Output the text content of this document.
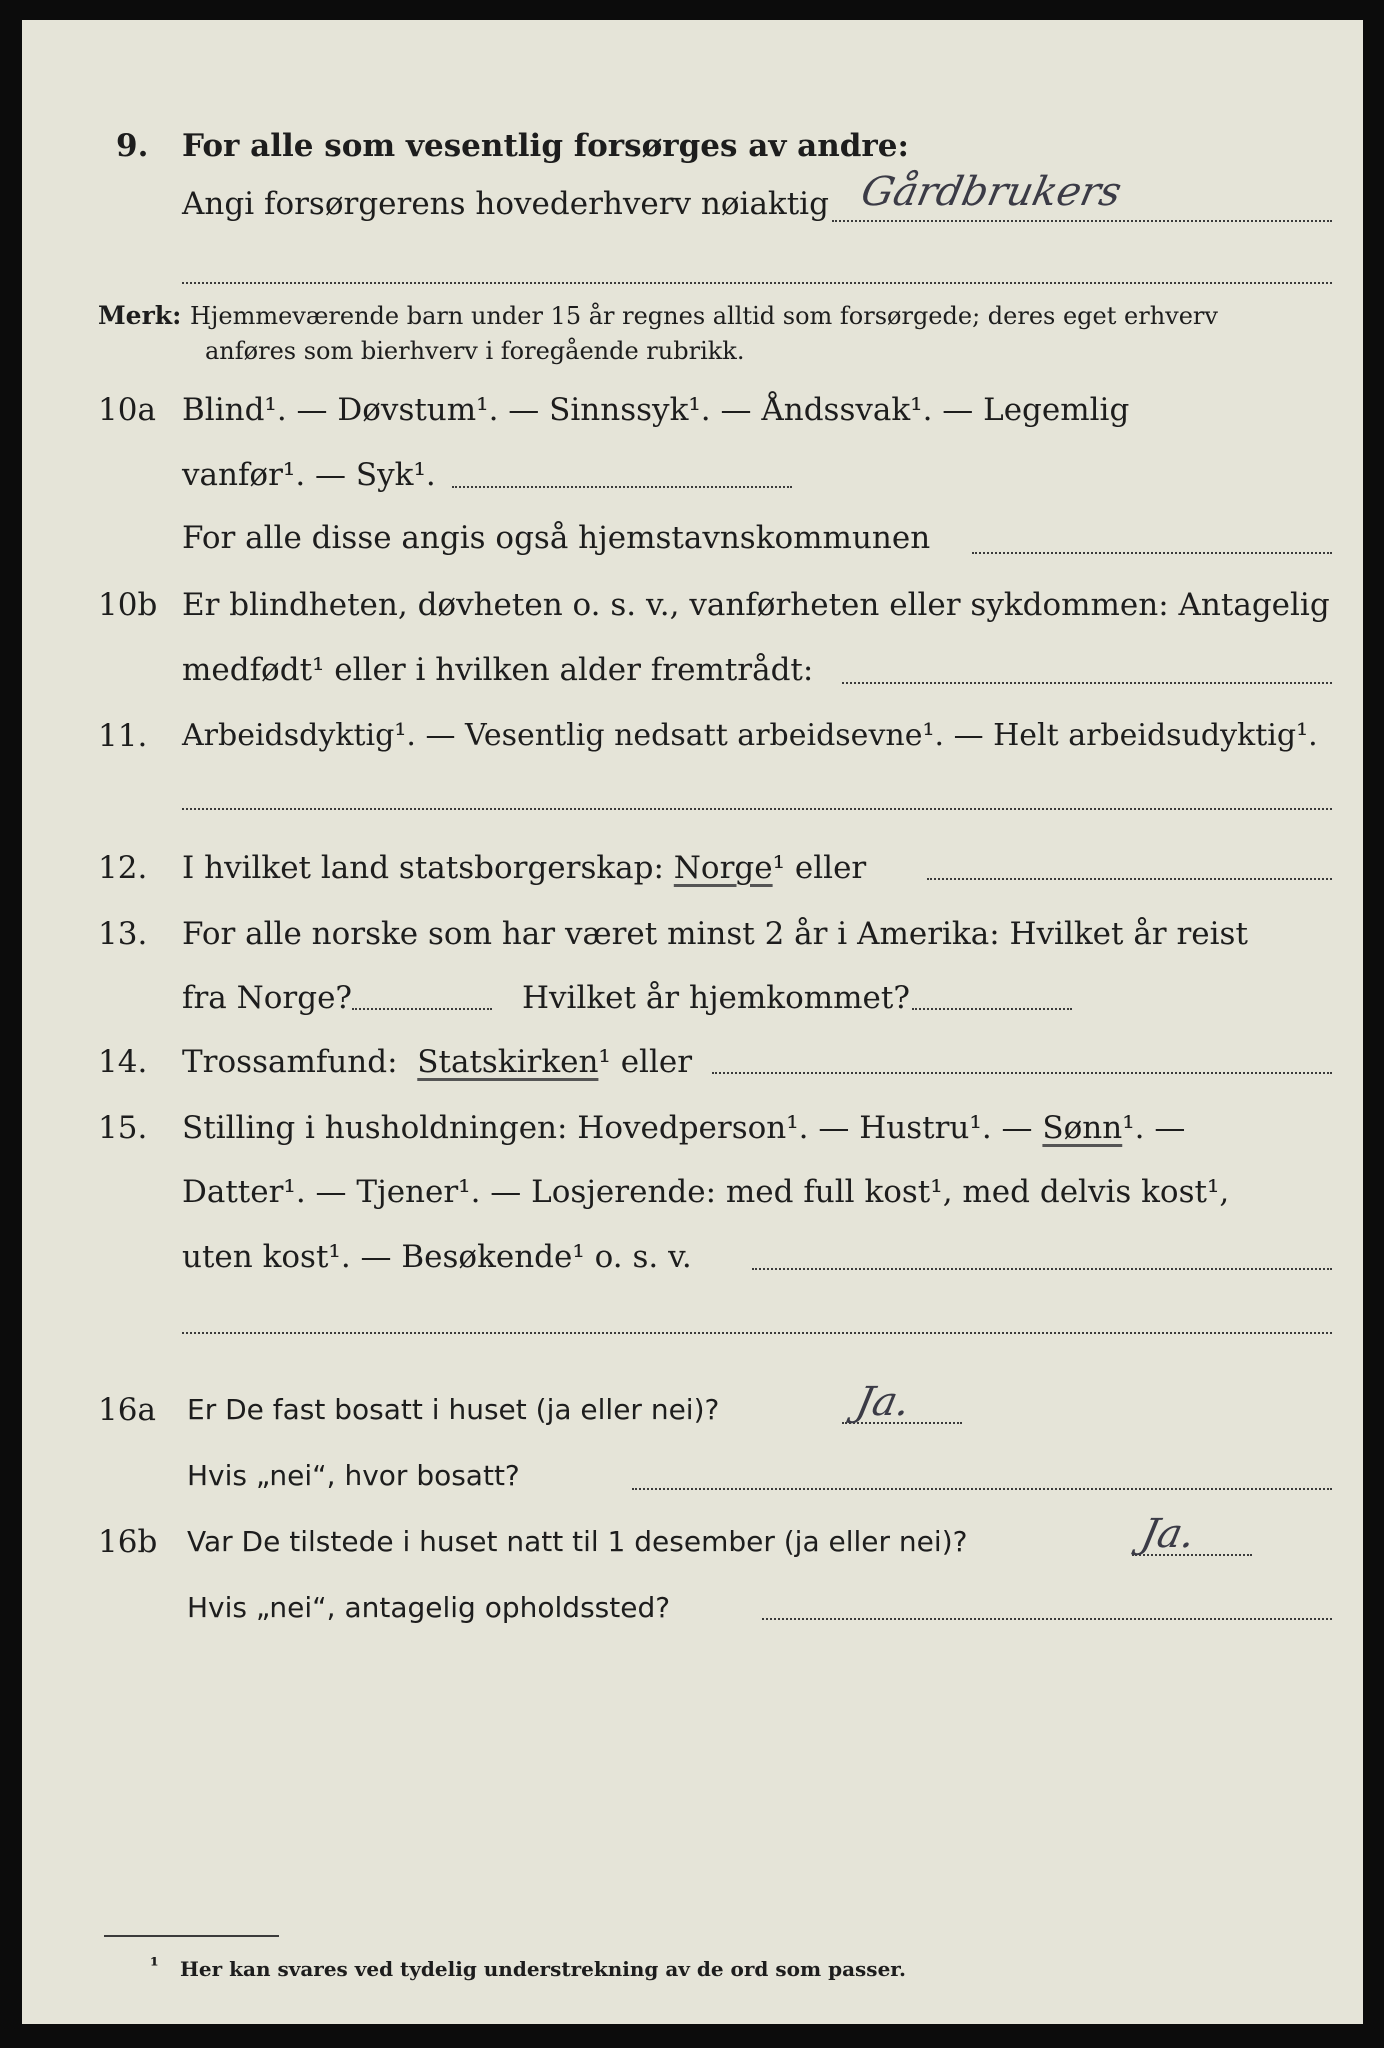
9. For alle som vesentlig forsørges av andre:
Angi forsørgerens hovederhverv nøiaktig Gårdbrukers
Merk: Hjemmeværende barn under 15 år regnes alltid som forsørgede; deres eget erhverv
anføres som bierhverv i foregående rubrikk.
10a Blind¹. — Døvstum¹. — Sinnssyk¹. — Åndssvak¹. — Legemlig
vanfør¹. — Syk¹.
For alle disse angis også hjemstavnskommunen
10b Er blindheten, døvheten o. s. v., vanførheten eller sykdommen: Antagelig
medfødt¹ eller i hvilken alder fremtrådt:
11. Arbeidsdyktig¹. — Vesentlig nedsatt arbeidsevne¹. — Helt arbeidsudyktig¹.
12. I hvilket land statsborgerskap: Norge¹ eller
13. For alle norske som har været minst 2 år i Amerika: Hvilket år reist
fra Norge?	Hvilket år hjemkommet?
14. Trossamfund: Statskirken¹ eller
15. Stilling i husholdningen: Hovedperson¹. — Hustru¹. — Sønn¹. —
Datter¹. — Tjener¹. — Losjerende: med full kost¹, med delvis kost¹,
uten kost¹. — Besøkende¹ o. s. v.
16a Er De fast bosatt i huset (ja eller nei)?	Ja.
Hvis „nei“, hvor bosatt?
16b Var De tilstede i huset natt til 1 desember (ja eller nei)?	Ja.
Hvis „nei“, antagelig opholdssted?
¹ Her kan svares ved tydelig understrekning av de ord som passer.
